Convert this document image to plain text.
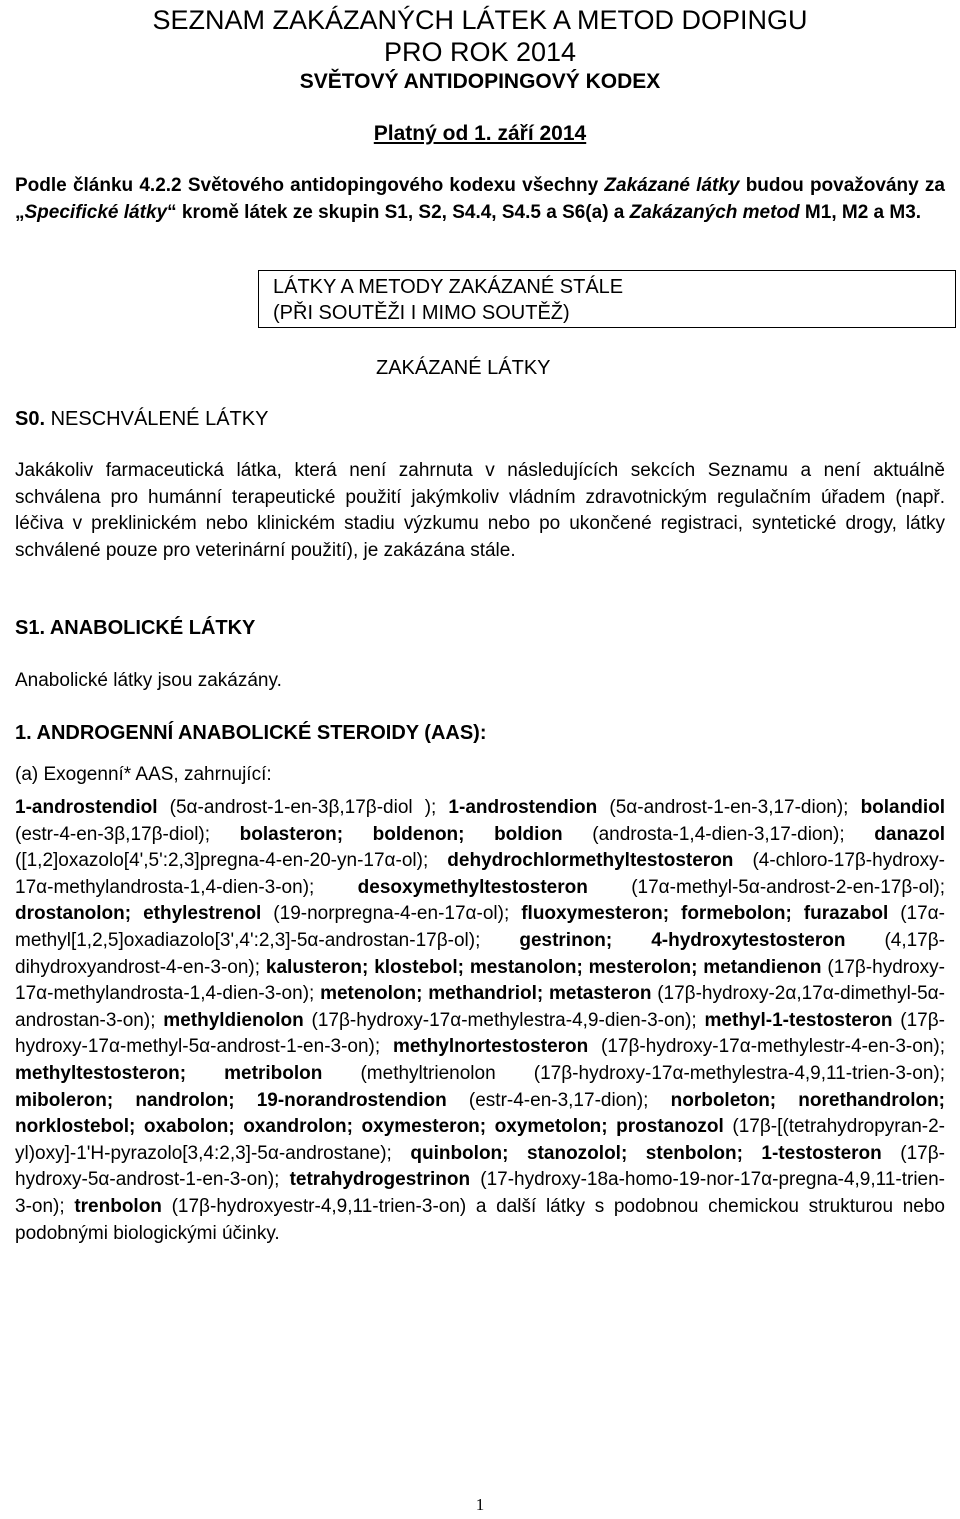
SEZNAM ZAKÁZANÝCH LÁTEK A METOD DOPINGU
PRO ROK 2014
SVĚTOVÝ ANTIDOPINGOVÝ KODEX
Platný od 1. září 2014

Podle článku 4.2.2 Světového antidopingového kodexu všechny Zakázané látky budou považovány za „Specifické látky“ kromě látek ze skupin S1, S2, S4.4, S4.5 a S6(a) a Zakázaných metod M1, M2 a M3.

LÁTKY A METODY ZAKÁZANÉ STÁLE
(PŘI SOUTĚŽI I MIMO SOUTĚŽ)
ZAKÁZANÉ LÁTKY
S0. NESCHVÁLENÉ LÁTKY

Jakákoliv farmaceutická látka, která není zahrnuta v následujících sekcích Seznamu a není aktuálně schválena pro humánní terapeutické použití jakýmkoliv vládním zdravotnickým regulačním úřadem (např. léčiva v preklinickém nebo klinickém stadiu výzkumu nebo po ukončené registraci, syntetické drogy, látky schválené pouze pro veterinární použití), je zakázána stále.

S1. ANABOLICKÉ LÁTKY
Anabolické látky jsou zakázány.
1. ANDROGENNÍ ANABOLICKÉ STEROIDY (AAS):
(a) Exogenní* AAS, zahrnující:

1-androstendiol (5α-androst-1-en-3β,17β-diol ); 1-androstendion (5α-androst-1-en-3,17-dion); bolandiol (estr-4-en-3β,17β-diol); bolasteron; boldenon; boldion (androsta-1,4-dien-3,17-dion); danazol ([1,2]oxazolo[4',5':2,3]pregna-4-en-20-yn-17α-ol); dehydrochlormethyltestosteron (4-chloro-17β-hydroxy-17α-methylandrosta-1,4-dien-3-on); desoxymethyltestosteron (17α-methyl-5α-androst-2-en-17β-ol); drostanolon; ethylestrenol (19-norpregna-4-en-17α-ol); fluoxymesteron; formebolon; furazabol (17α-methyl[1,2,5]oxadiazolo[3',4':2,3]-5α-androstan-17β-ol); gestrinon; 4-hydroxytestosteron (4,17β-dihydroxyandrost-4-en-3-on); kalusteron; klostebol; mestanolon; mesterolon; metandienon (17β-hydroxy-17α-methylandrosta-1,4-dien-3-on); metenolon; methandriol; metasteron (17β-hydroxy-2α,17α-dimethyl-5α-androstan-3-on); methyldienolon (17β-hydroxy-17α-methylestra-4,9-dien-3-on); methyl-1-testosteron (17β-hydroxy-17α-methyl-5α-androst-1-en-3-on); methylnortestosteron (17β-hydroxy-17α-methylestr-4-en-3-on); methyltestosteron; metribolon (methyltrienolon (17β-hydroxy-17α-methylestra-4,9,11-trien-3-on); miboleron; nandrolon; 19-norandrostendion (estr-4-en-3,17-dion); norboleton; norethandrolon; norklostebol; oxabolon; oxandrolon; oxymesteron; oxymetolon; prostanozol (17β-[(tetrahydropyran-2-yl)oxy]-1'H-pyrazolo[3,4:2,3]-5α-androstane); quinbolon; stanozolol; stenbolon; 1-testosteron (17β-hydroxy-5α-androst-1-en-3-on); tetrahydrogestrinon (17-hydroxy-18a-homo-19-nor-17α-pregna-4,9,11-trien-3-on); trenbolon (17β-hydroxyestr-4,9,11-trien-3-on) a další látky s podobnou chemickou strukturou nebo podobnými biologickými účinky.

1
